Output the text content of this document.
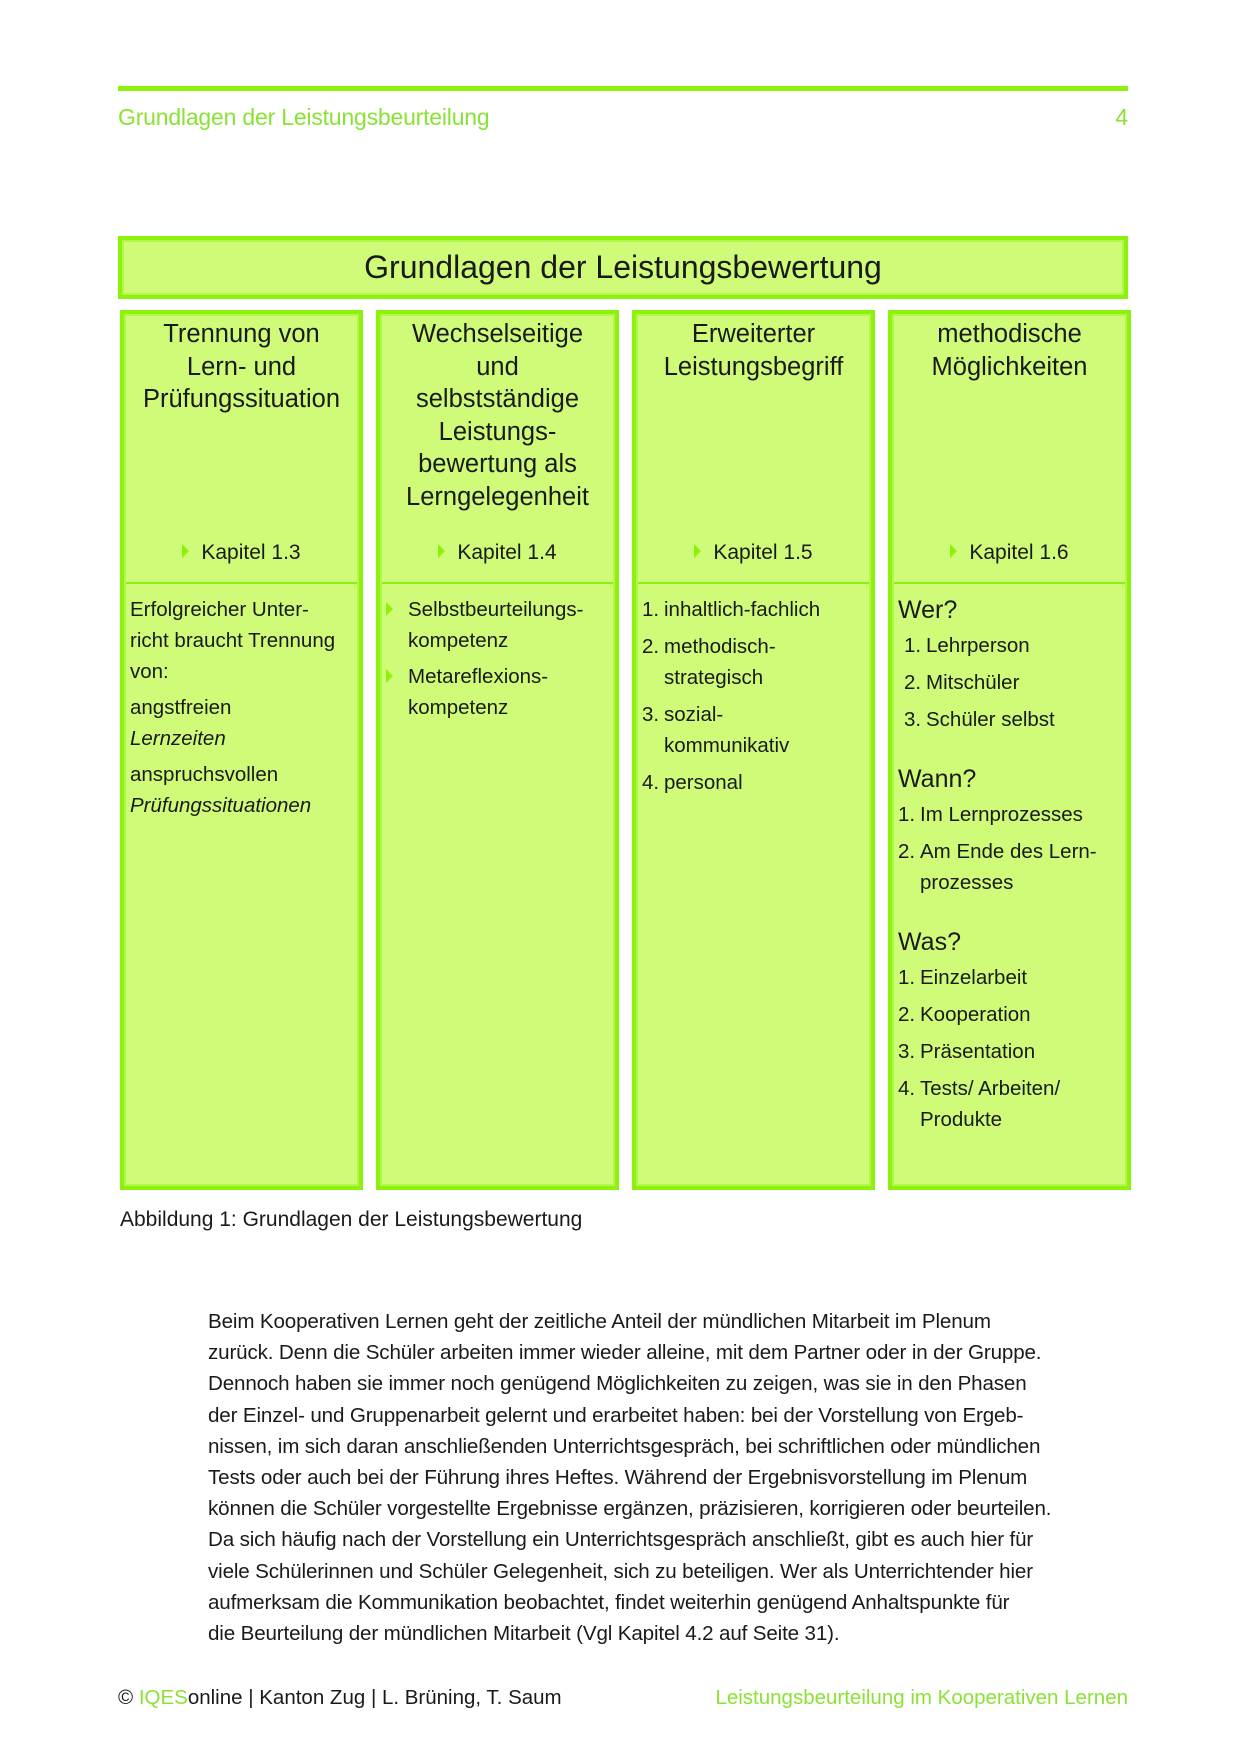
Grundlagen der Leistungsbeurteilung	4
Grundlagen der Leistungsbewertung
Trennung von
Lern- und
Prüfungssituation
Kapitel 1.3
Erfolgreicher Unter-
richt braucht Trennung
von:
angstfreien
Lernzeiten
anspruchsvollen
Prüfungssituationen
Wechselseitige
und
selbstständige
Leistungs-
bewertung als
Lerngelegenheit
Kapitel 1.4
Selbstbeurteilungs-
kompetenz
Metareflexions-
kompetenz
Erweiterter
Leistungsbegriff
Kapitel 1.5
1. inhaltlich-fachlich
2. methodisch-
strategisch
3. sozial-
kommunikativ
4. personal
methodische
Möglichkeiten
Kapitel 1.6
Wer?
1. Lehrperson
2. Mitschüler
3. Schüler selbst
Wann?
1. Im Lernprozesses
2. Am Ende des Lern-
prozesses
Was?
1. Einzelarbeit
2. Kooperation
3. Präsentation
4. Tests/ Arbeiten/
Produkte
Abbildung 1: Grundlagen der Leistungsbewertung
Beim Kooperativen Lernen geht der zeitliche Anteil der mündlichen Mitarbeit im Plenum
zurück. Denn die Schüler arbeiten immer wieder alleine, mit dem Partner oder in der Gruppe.
Dennoch haben sie immer noch genügend Möglichkeiten zu zeigen, was sie in den Phasen
der Einzel- und Gruppenarbeit gelernt und erarbeitet haben: bei der Vorstellung von Ergeb-
nissen, im sich daran anschließenden Unterrichtsgespräch, bei schriftlichen oder mündlichen
Tests oder auch bei der Führung ihres Heftes. Während der Ergebnisvorstellung im Plenum
können die Schüler vorgestellte Ergebnisse ergänzen, präzisieren, korrigieren oder beurteilen.
Da sich häufig nach der Vorstellung ein Unterrichtsgespräch anschließt, gibt es auch hier für
viele Schülerinnen und Schüler Gelegenheit, sich zu beteiligen. Wer als Unterrichtender hier
aufmerksam die Kommunikation beobachtet, findet weiterhin genügend Anhaltspunkte für
die Beurteilung der mündlichen Mitarbeit (Vgl Kapitel 4.2 auf Seite 31).
© IQESonline | Kanton Zug | L. Brüning, T. Saum	Leistungsbeurteilung im Kooperativen Lernen
